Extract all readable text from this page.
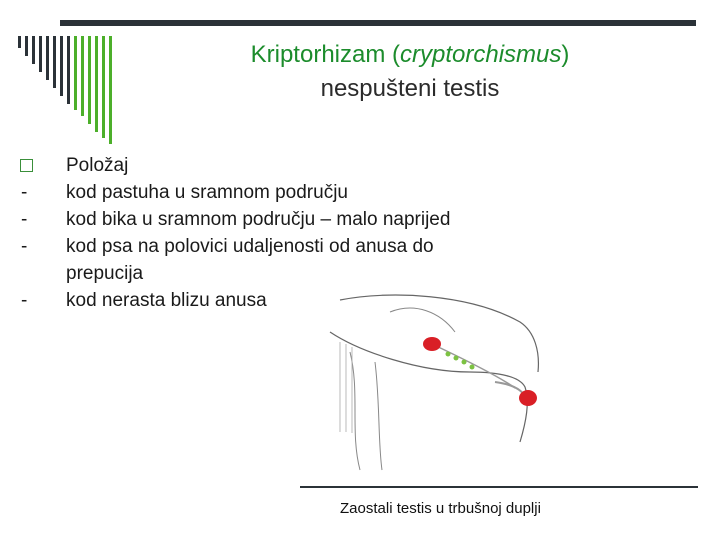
Kriptorhizam (cryptorchismus)
nespušteni testis
Položaj
-	kod pastuha u sramnom području
-	kod bika u sramnom području – malo naprijed
-	kod psa na polovici udaljenosti od anusa do prepucija
-	kod nerasta blizu anusa
Zaostali testis u trbušnoj duplji
